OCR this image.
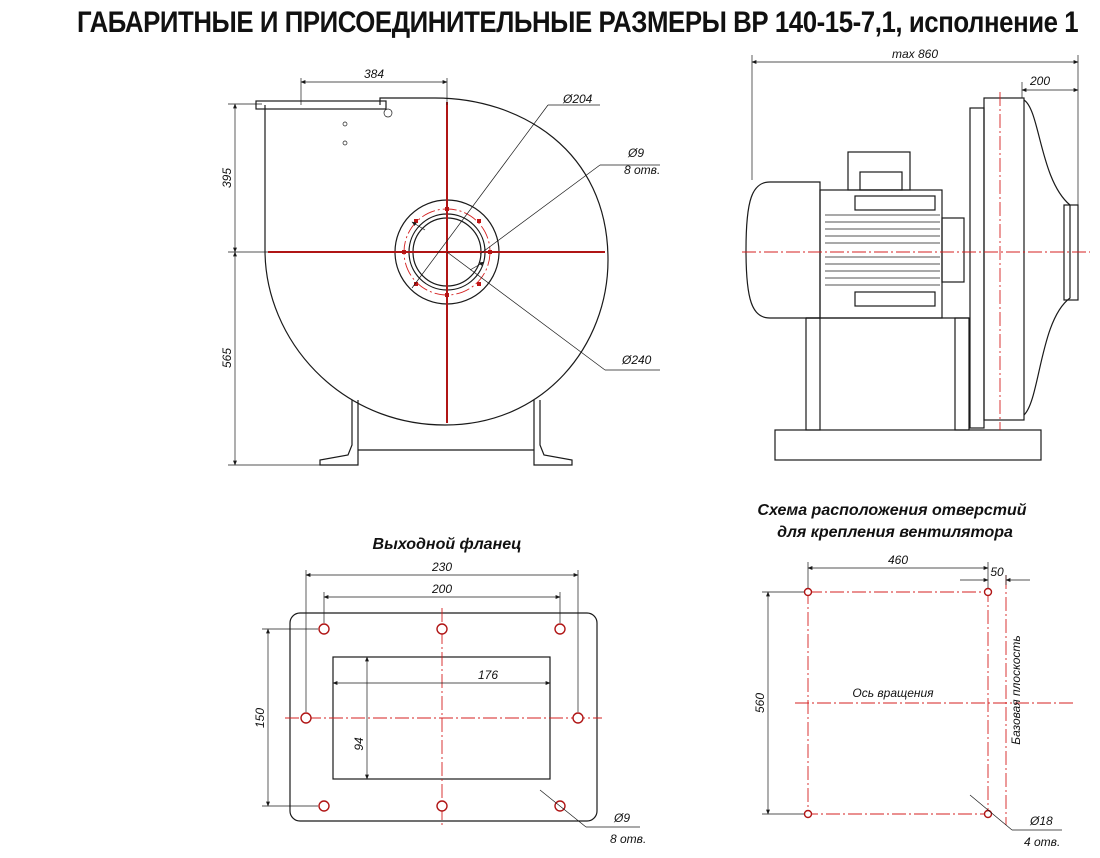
ГАБАРИТНЫЕ И ПРИСОЕДИНИТЕЛЬНЫЕ РАЗМЕРЫ ВР 140-15-7,1, исполнение 1
384
395
565
Ø204
Ø9
8 отв.
Ø240
max 860
200
Выходной фланец
230
200
176
150
94
Ø9
8 отв.
Схема расположения отверстий
для крепления вентилятора
460
50
560	Ось вращения	Базовая плоскость
Ø18
4 отв.
